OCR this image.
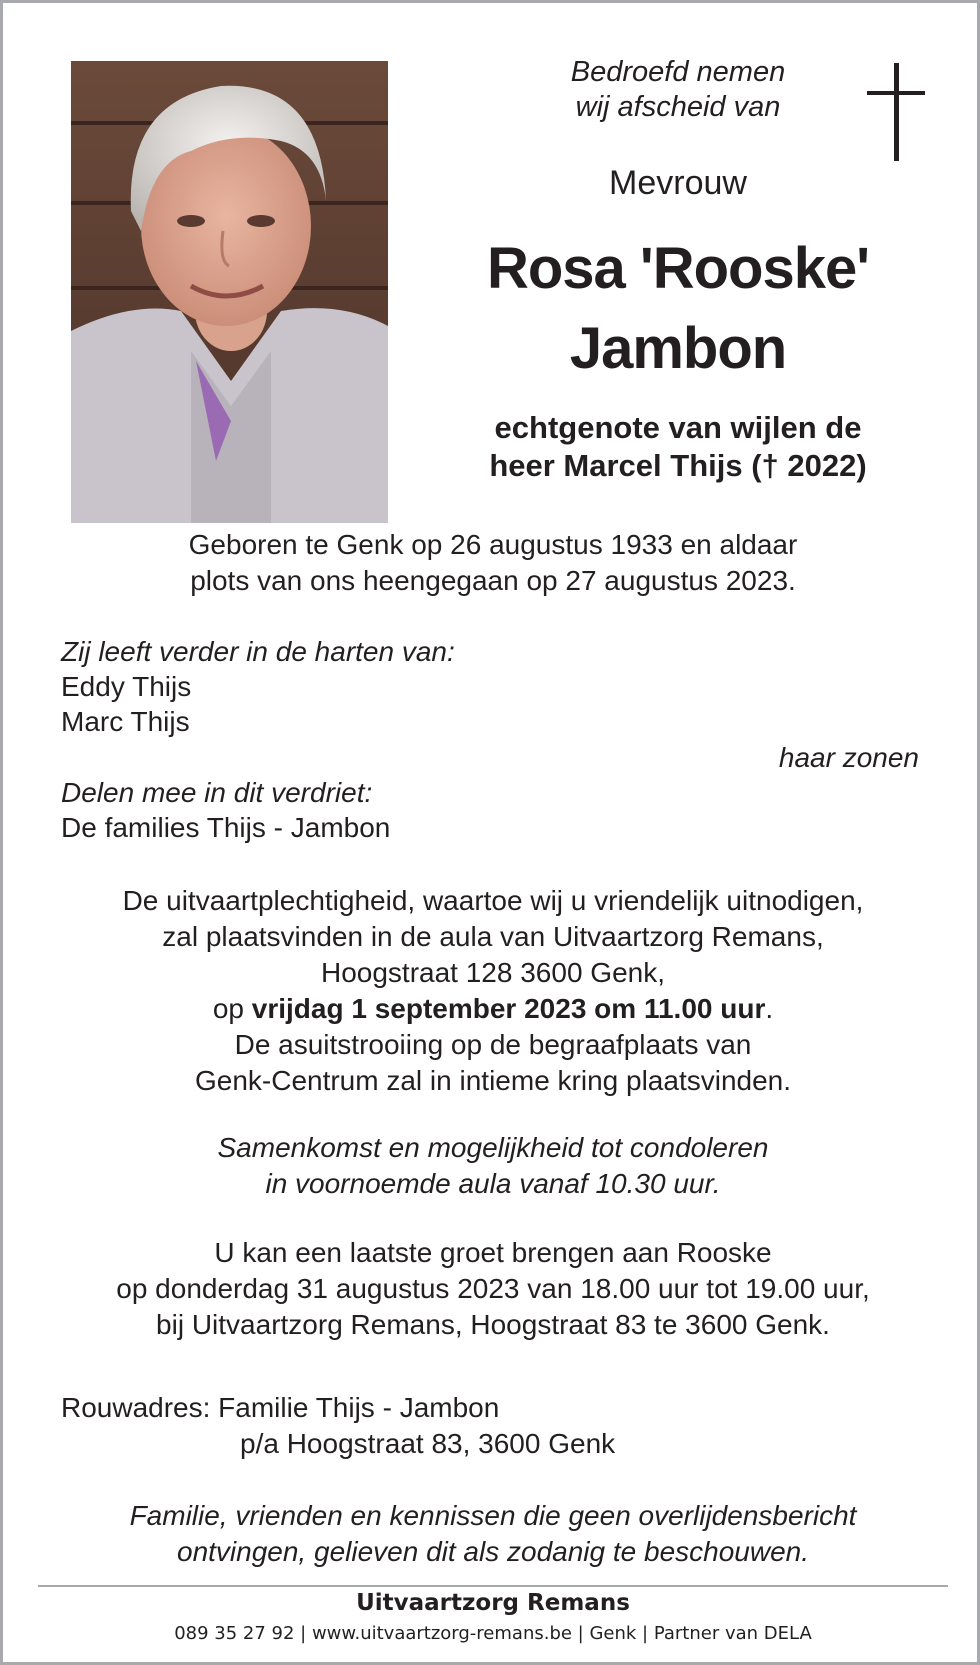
Bedroefd nemen
wij afscheid van
Mevrouw
Rosa 'Rooske'
Jambon
echtgenote van wijlen de
heer Marcel Thijs († 2022)
Geboren te Genk op 26 augustus 1933 en aldaar
plots van ons heengegaan op 27 augustus 2023.
Zij leeft verder in de harten van:
Eddy Thijs
Marc Thijs
haar zonen
Delen mee in dit verdriet:
De families Thijs - Jambon
De uitvaartplechtigheid, waartoe wij u vriendelijk uitnodigen,
zal plaatsvinden in de aula van Uitvaartzorg Remans,
Hoogstraat 128 3600 Genk,
op vrijdag 1 september 2023 om 11.00 uur.
De asuitstrooiing op de begraafplaats van
Genk-Centrum zal in intieme kring plaatsvinden.
Samenkomst en mogelijkheid tot condoleren
in voornoemde aula vanaf 10.30 uur.
U kan een laatste groet brengen aan Rooske
op donderdag 31 augustus 2023 van 18.00 uur tot 19.00 uur,
bij Uitvaartzorg Remans, Hoogstraat 83 te 3600 Genk.
Rouwadres: Familie Thijs - Jambon
p/a Hoogstraat 83, 3600 Genk
Familie, vrienden en kennissen die geen overlijdensbericht
ontvingen, gelieven dit als zodanig te beschouwen.
Uitvaartzorg Remans
089 35 27 92 | www.uitvaartzorg-remans.be | Genk | Partner van DELA
